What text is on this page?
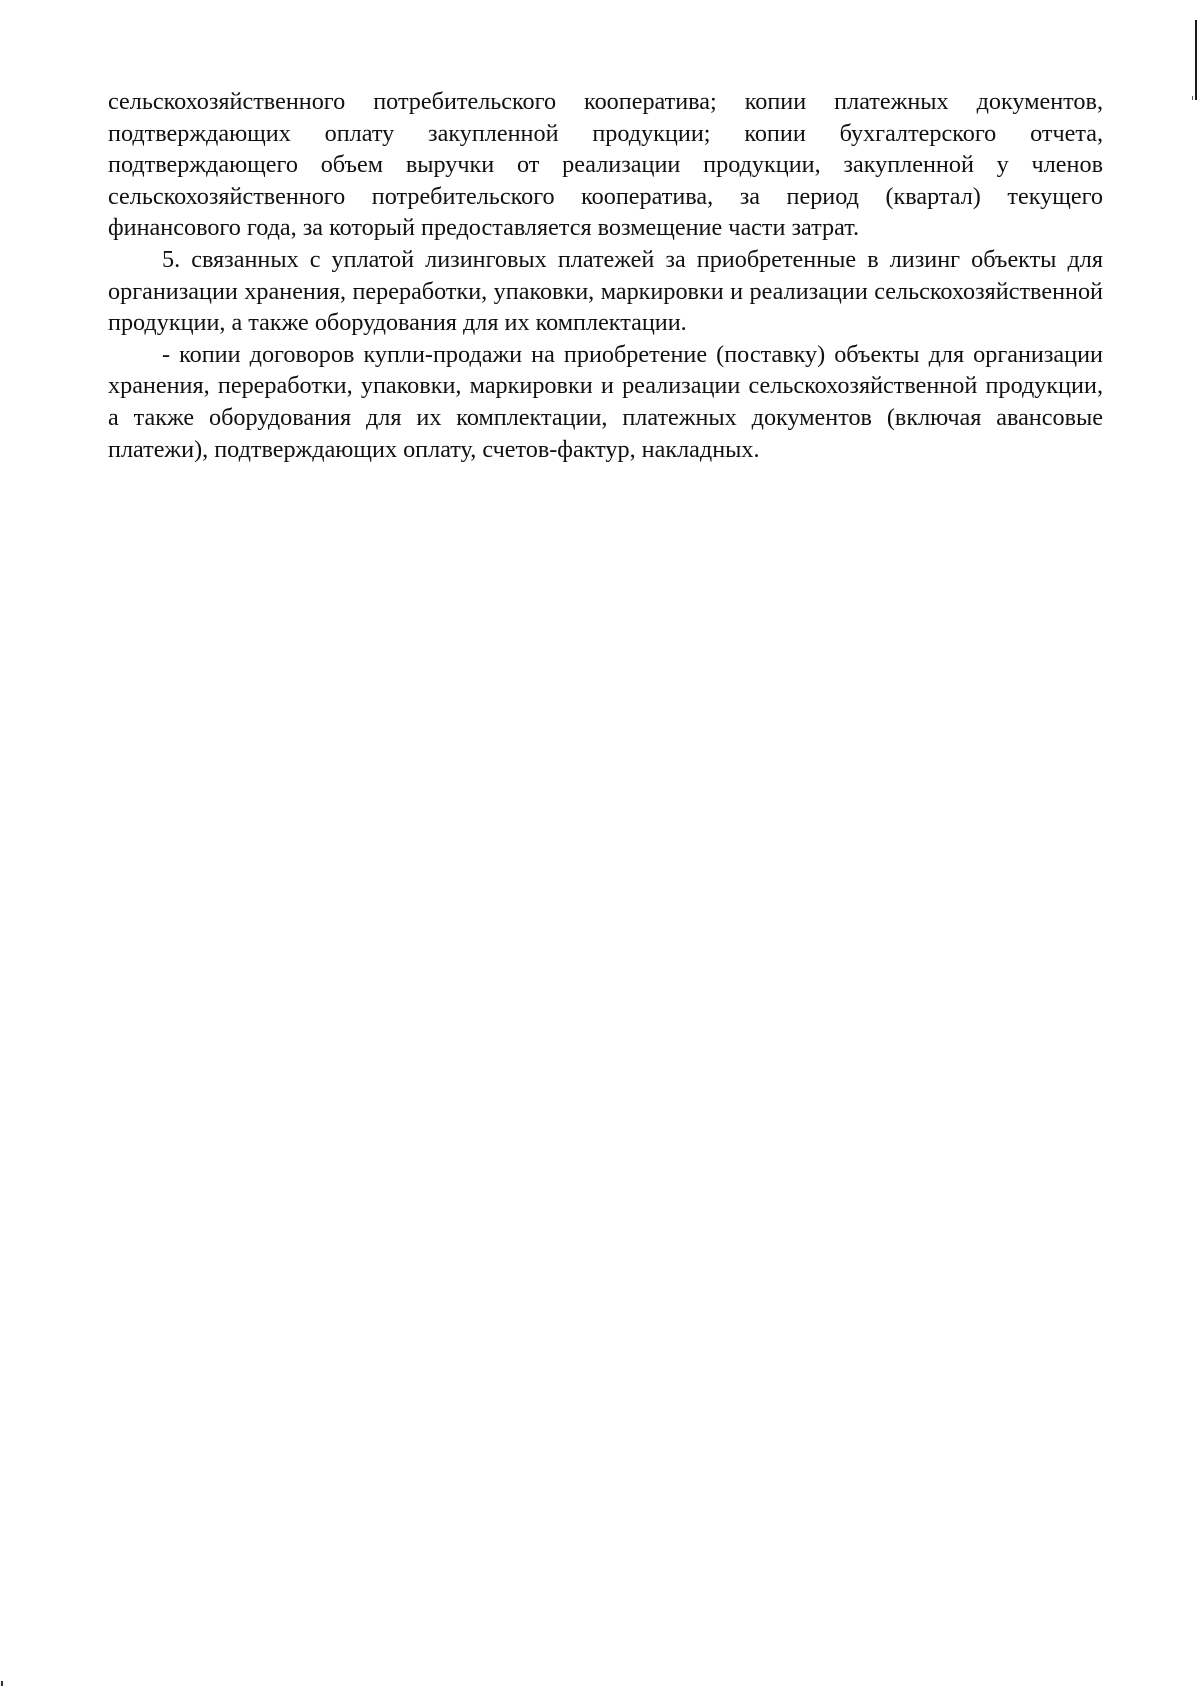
сельскохозяйственного потребительского кооператива; копии платежных документов, подтверждающих оплату закупленной продукции; копии бухгалтерского отчета, подтверждающего объем выручки от реализации продукции, закупленной у членов сельскохозяйственного потребительского кооператива, за период (квартал) текущего финансового года, за который предоставляется возмещение части затрат.

5. связанных с уплатой лизинговых платежей за приобретенные в лизинг объекты для организации хранения, переработки, упаковки, маркировки и реализации сельскохозяйственной продукции, а также оборудования для их комплектации.

- копии договоров купли-продажи на приобретение (поставку) объекты для организации хранения, переработки, упаковки, маркировки и реализации сельскохозяйственной продукции, а также оборудования для их комплектации, платежных документов (включая авансовые платежи), подтверждающих оплату, счетов-фактур, накладных.
